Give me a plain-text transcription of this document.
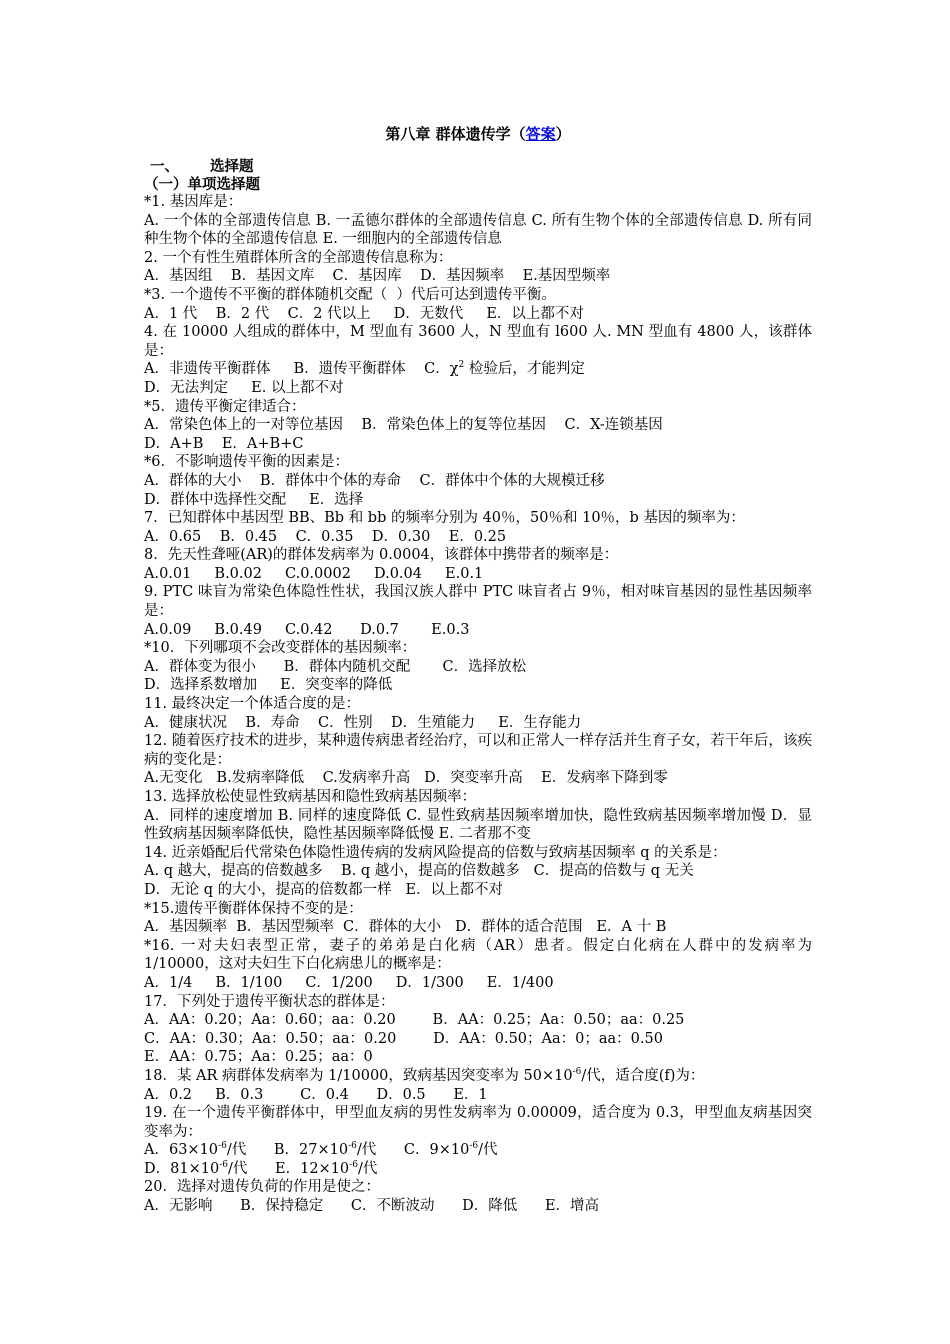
第八章 群体遗传学（答案）
一、 选择题
（一）单项选择题
*1. 基因库是：
A. 一个体的全部遗传信息 B. 一孟德尔群体的全部遗传信息 C. 所有生物个体的全部遗传信息 D. 所有同种生物个体的全部遗传信息 E. 一细胞内的全部遗传信息
2. 一个有性生殖群体所含的全部遗传信息称为：
A．基因组    B．基因文库    C．基因库    D．基因频率    E.基因型频率
*3. 一个遗传不平衡的群体随机交配（  ）代后可达到遗传平衡。
A．1 代    B．2 代    C．2 代以上     D．无数代     E．以上都不对
4. 在 10000 人组成的群体中，M 型血有 3600 人，N 型血有 l600 人. MN 型血有 4800 人，该群体是：
A．非遗传平衡群体     B．遗传平衡群体    C．$\chi^2$ 检验后，才能判定
D．无法判定     E. 以上都不对
*5．遗传平衡定律适合：
A．常染色体上的一对等位基因    B．常染色体上的复等位基因    C．X-连锁基因
D．A+B    E．A+B+C
*6．不影响遗传平衡的因素是：
A．群体的大小    B．群体中个体的寿命    C．群体中个体的大规模迁移
D．群体中选择性交配     E．选择
7．已知群体中基因型 BB、Bb 和 bb 的频率分别为 40％，50％和 10％，b 基因的频率为：
A．0.65    B．0.45    C．0.35    D．0.30    E．0.25
8．先天性聋哑(AR)的群体发病率为 0.0004，该群体中携带者的频率是：
A.0.01     B.0.02     C.0.0002     D.0.04     E.0.1
9. PTC 味盲为常染色体隐性性状，我国汉族人群中 PTC 味盲者占 9％，相对味盲基因的显性基因频率是：
A.0.09     B.0.49     C.0.42      D.0.7       E.0.3
*10．下列哪项不会改变群体的基因频率：
A．群体变为很小      B．群体内随机交配       C．选择放松
D．选择系数增加     E．突变率的降低
11. 最终决定一个体适合度的是：
A．健康状况    B．寿命    C．性别    D．生殖能力     E．生存能力
12. 随着医疗技术的进步，某种遗传病患者经治疗，可以和正常人一样存活并生育子女，若干年后，该疾病的变化是：
A.无变化   B.发病率降低    C.发病率升高   D．突变率升高    E．发病率下降到零
13. 选择放松使显性致病基因和隐性致病基因频率：
A．同样的速度增加 B. 同样的速度降低 C. 显性致病基因频率增加快，隐性致病基因频率增加慢 D．显性致病基因频率降低快，隐性基因频率降低慢 E. 二者那不变
14. 近亲婚配后代常染色体隐性遗传病的发病风险提高的倍数与致病基因频率 q 的关系是：
A. q 越大，提高的倍数越多    B. q 越小，提高的倍数越多   C．提高的倍数与 q 无关
D．无论 q 的大小，提高的倍数都一样   E．以上都不对
*15.遗传平衡群体保持不变的是：
A．基因频率  B．基因型频率  C．群体的大小   D．群体的适合范围   E．A 十 B
*16. 一对夫妇表型正常，妻子的弟弟是白化病（AR）患者。假定白化病在人群中的发病率为 1/10000，这对夫妇生下白化病患儿的概率是：
A．1/4     B．1/100     C．1/200     D．1/300     E．1/400
17．下列处于遗传平衡状态的群体是：
A．AA：0.20；Aa：0.60；aa：0.20        B．AA：0.25；Aa：0.50；aa：0.25
C．AA：0.30；Aa：0.50；aa：0.20        D．AA：0.50；Aa：0；aa：0.50
E．AA：0.75；Aa：0.25；aa：0
18．某 AR 病群体发病率为 1/10000，致病基因突变率为 $50\times 10^{-6}/$代，适合度(f)为：
A．0.2     B．0.3        C．0.4      D．0.5      E．1
19. 在一个遗传平衡群体中，甲型血友病的男性发病率为 0.00009，适合度为 0.3，甲型血友病基因突变率为：
A．$63\times 10^{-6}/$代      B．$27\times 10^{-6}/$代      C．$9\times 10^{-6}/$代
D．$81\times 10^{-6}/$代      E．$12\times 10^{-6}/$代
20．选择对遗传负荷的作用是使之：
A．无影响      B．保持稳定      C．不断波动      D．降低      E．增高
